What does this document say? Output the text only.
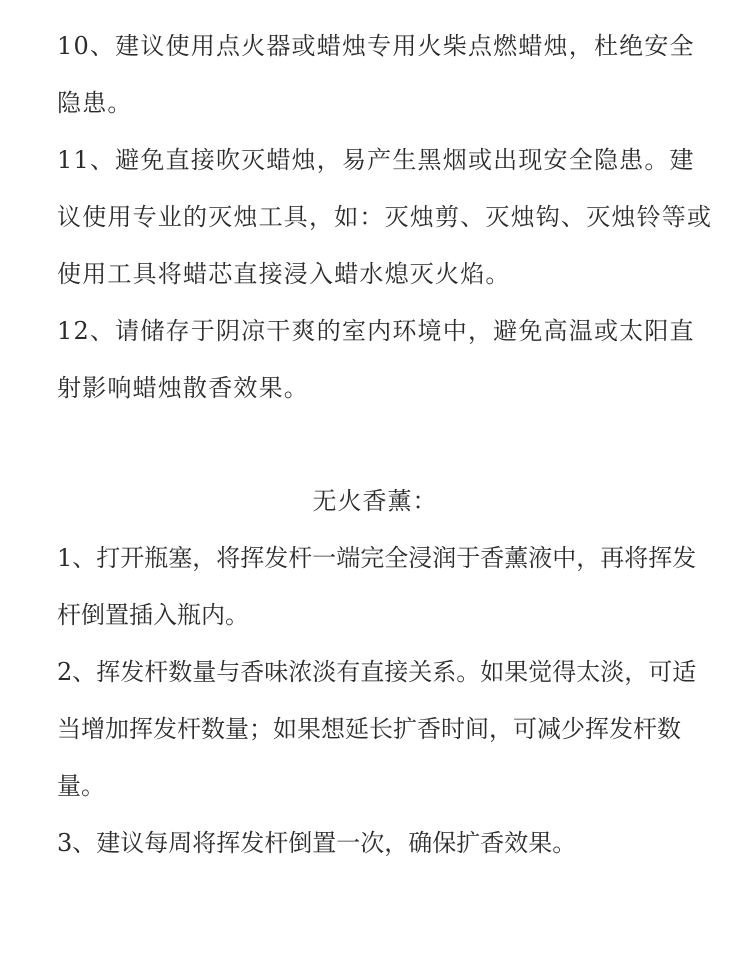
10、建议使用点火器或蜡烛专用火柴点燃蜡烛，杜绝安全隐患。

11、避免直接吹灭蜡烛，易产生黑烟或出现安全隐患。建议使用专业的灭烛工具，如：灭烛剪、灭烛钩、灭烛铃等或使用工具将蜡芯直接浸入蜡水熄灭火焰。

12、请储存于阴凉干爽的室内环境中，避免高温或太阳直射影响蜡烛散香效果。

无火香薰：

1、打开瓶塞，将挥发杆一端完全浸润于香薰液中，再将挥发杆倒置插入瓶内。

2、挥发杆数量与香味浓淡有直接关系。如果觉得太淡，可适当增加挥发杆数量；如果想延长扩香时间，可减少挥发杆数量。

3、建议每周将挥发杆倒置一次，确保扩香效果。
